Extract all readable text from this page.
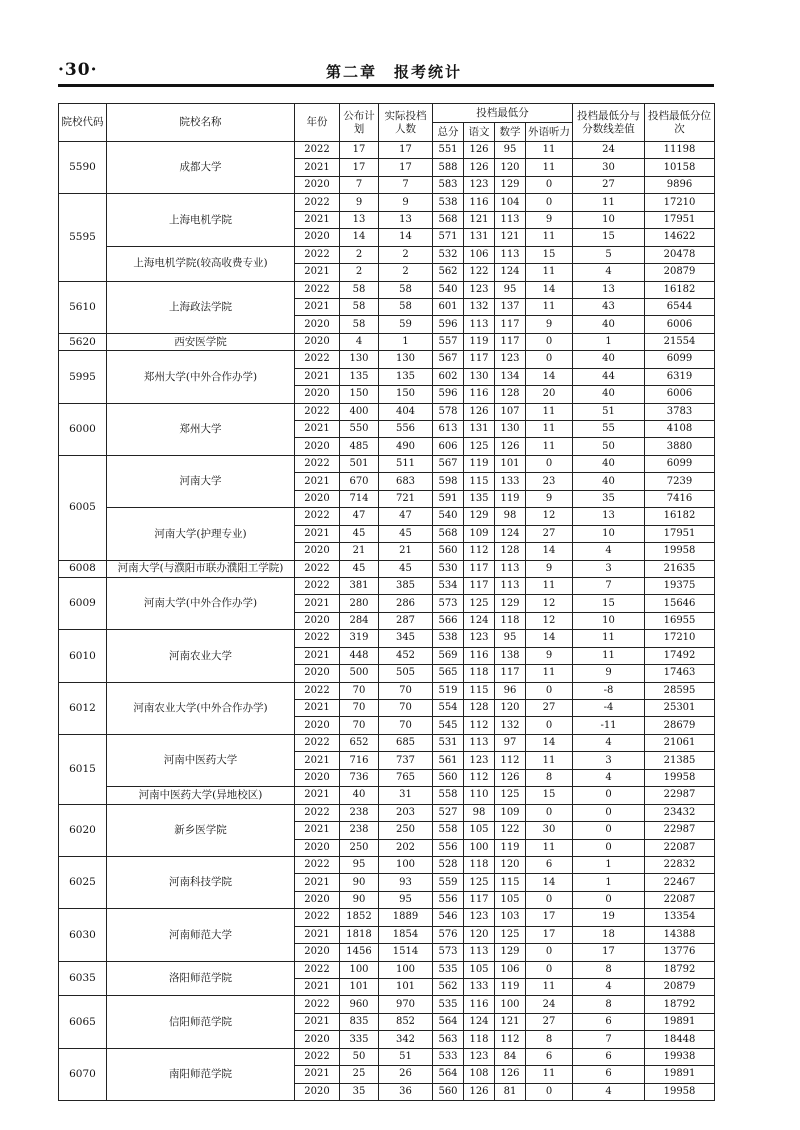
·30·	第二章　报考统计
院校代码	院校名称	年份	公布计划	实际投档人数	投档最低分				投档最低分与分数线差值	投档最低分位次
					总分	语文	数学	外语听力		
5590	成都大学	2022	17	17	551	126	95	11	24	11198
		2021	17	17	588	126	120	11	30	10158
		2020	7	7	583	123	129	0	27	9896
5595	上海电机学院	2022	9	9	538	116	104	0	11	17210
		2021	13	13	568	121	113	9	10	17951
		2020	14	14	571	131	121	11	15	14622
	上海电机学院(较高收费专业)	2022	2	2	532	106	113	15	5	20478
		2021	2	2	562	122	124	11	4	20879
5610	上海政法学院	2022	58	58	540	123	95	14	13	16182
		2021	58	58	601	132	137	11	43	6544
		2020	58	59	596	113	117	9	40	6006
5620	西安医学院	2020	4	1	557	119	117	0	1	21554
5995	郑州大学(中外合作办学)	2022	130	130	567	117	123	0	40	6099
		2021	135	135	602	130	134	14	44	6319
		2020	150	150	596	116	128	20	40	6006
6000	郑州大学	2022	400	404	578	126	107	11	51	3783
		2021	550	556	613	131	130	11	55	4108
		2020	485	490	606	125	126	11	50	3880
6005	河南大学	2022	501	511	567	119	101	0	40	6099
		2021	670	683	598	115	133	23	40	7239
		2020	714	721	591	135	119	9	35	7416
	河南大学(护理专业)	2022	47	47	540	129	98	12	13	16182
		2021	45	45	568	109	124	27	10	17951
		2020	21	21	560	112	128	14	4	19958
6008	河南大学(与濮阳市联办濮阳工学院)	2022	45	45	530	117	113	9	3	21635
6009	河南大学(中外合作办学)	2022	381	385	534	117	113	11	7	19375
		2021	280	286	573	125	129	12	15	15646
		2020	284	287	566	124	118	12	10	16955
6010	河南农业大学	2022	319	345	538	123	95	14	11	17210
		2021	448	452	569	116	138	9	11	17492
		2020	500	505	565	118	117	11	9	17463
6012	河南农业大学(中外合作办学)	2022	70	70	519	115	96	0	-8	28595
		2021	70	70	554	128	120	27	-4	25301
		2020	70	70	545	112	132	0	-11	28679
6015	河南中医药大学	2022	652	685	531	113	97	14	4	21061
		2021	716	737	561	123	112	11	3	21385
		2020	736	765	560	112	126	8	4	19958
	河南中医药大学(异地校区)	2021	40	31	558	110	125	15	0	22987
6020	新乡医学院	2022	238	203	527	98	109	0	0	23432
		2021	238	250	558	105	122	30	0	22987
		2020	250	202	556	100	119	11	0	22087
6025	河南科技学院	2022	95	100	528	118	120	6	1	22832
		2021	90	93	559	125	115	14	1	22467
		2020	90	95	556	117	105	0	0	22087
6030	河南师范大学	2022	1852	1889	546	123	103	17	19	13354
		2021	1818	1854	576	120	125	17	18	14388
		2020	1456	1514	573	113	129	0	17	13776
6035	洛阳师范学院	2022	100	100	535	105	106	0	8	18792
		2021	101	101	562	133	119	11	4	20879
6065	信阳师范学院	2022	960	970	535	116	100	24	8	18792
		2021	835	852	564	124	121	27	6	19891
		2020	335	342	563	118	112	8	7	18448
6070	南阳师范学院	2022	50	51	533	123	84	6	6	19938
		2021	25	26	564	108	126	11	6	19891
		2020	35	36	560	126	81	0	4	19958
